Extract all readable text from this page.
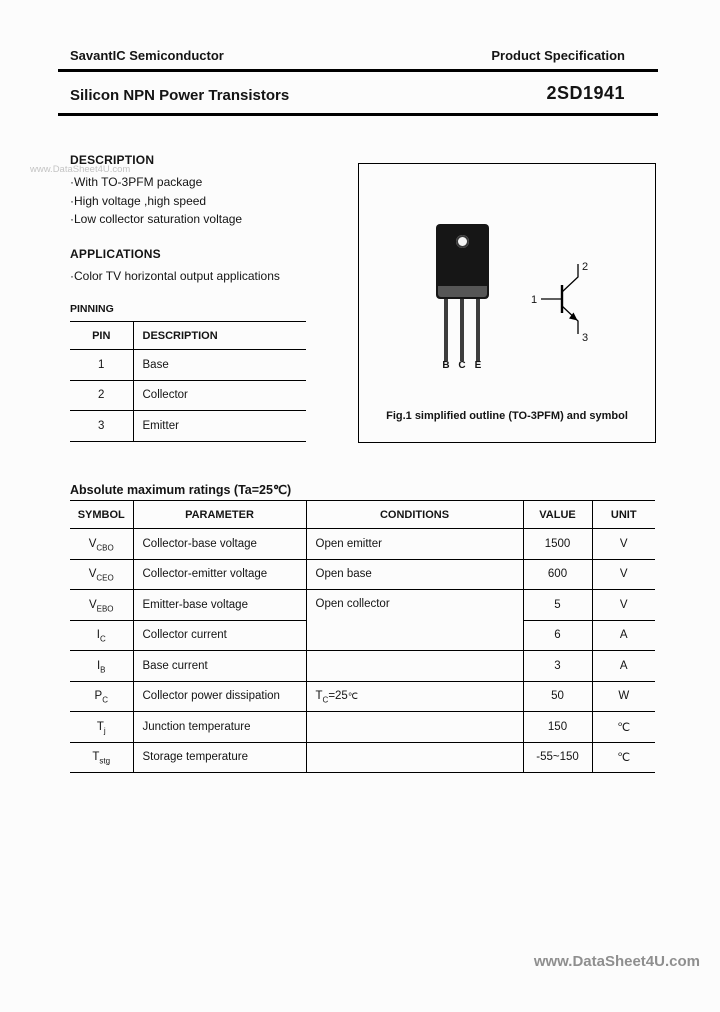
SavantIC Semiconductor	Product Specification
Silicon NPN Power Transistors	2SD1941
www.DataSheet4U.com
DESCRIPTION
·With TO-3PFM package
·High voltage ,high speed
·Low collector saturation voltage
APPLICATIONS
·Color TV horizontal output applications
PINNING
PIN	DESCRIPTION
1	Base
2	Collector
3	Emitter
B C E
1
2
3
Fig.1 simplified outline (TO-3PFM) and symbol
Absolute maximum ratings (Ta=25℃)
SYMBOL	PARAMETER	CONDITIONS	VALUE	UNIT
$V_{CBO}$	Collector-base voltage	Open emitter	1500	V
$V_{CEO}$	Collector-emitter voltage	Open base	600	V
$V_{EBO}$	Emitter-base voltage	Open collector	5	V
$I_C$	Collector current		6	A
$I_B$	Base current		3	A
$P_C$	Collector power dissipation	$T_C=25℃$	50	W
$T_j$	Junction temperature		150	℃
$T_{stg}$	Storage temperature		-55~150	℃
www.DataSheet4U.com
